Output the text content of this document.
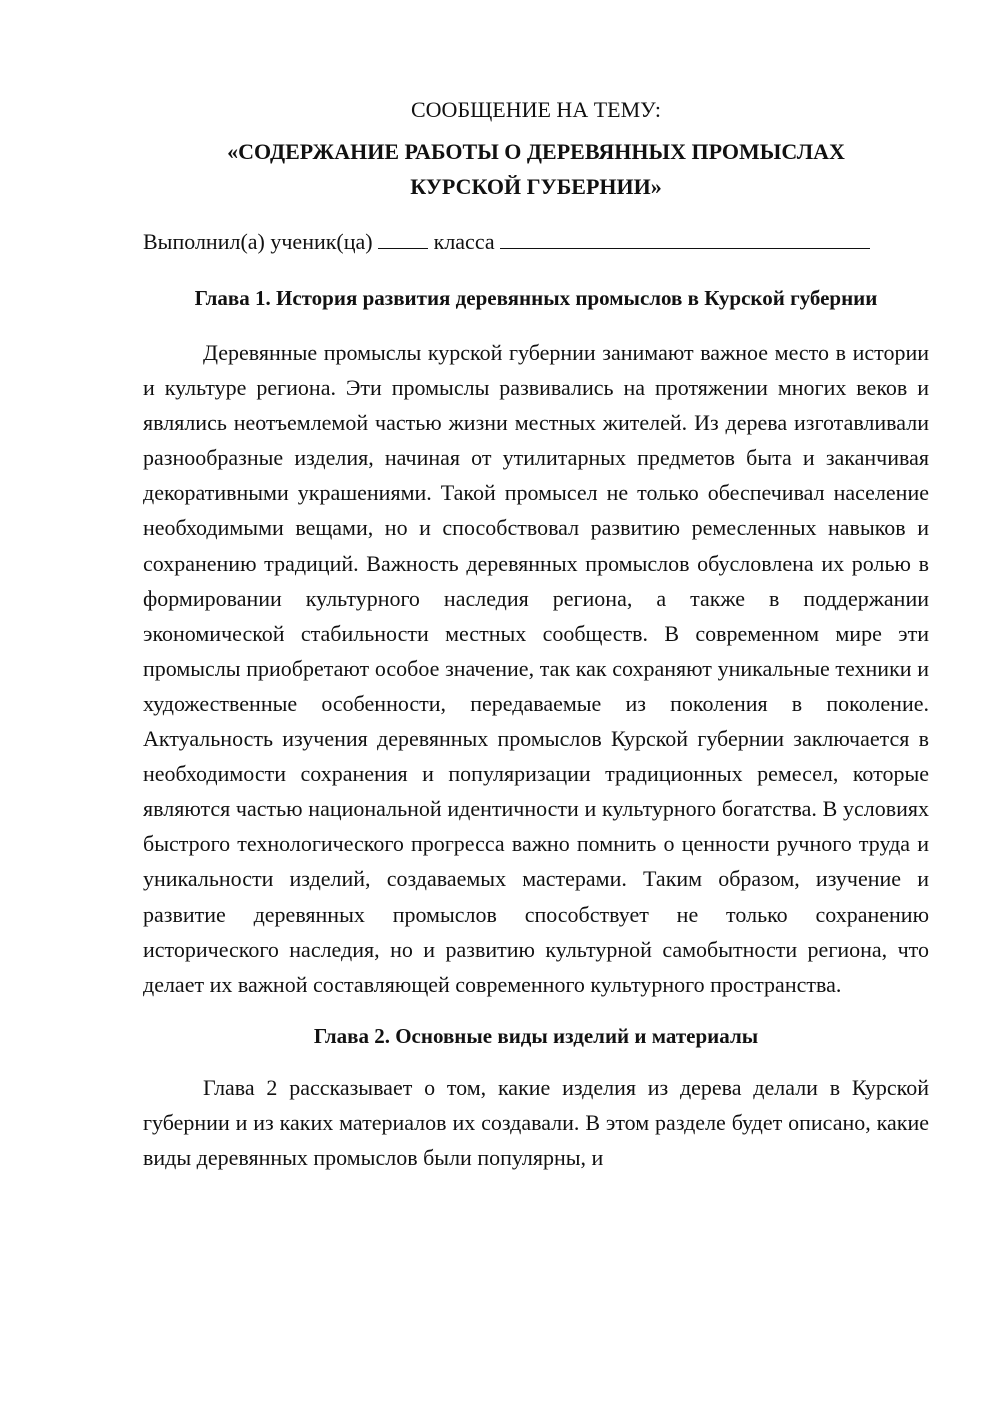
СООБЩЕНИЕ НА ТЕМУ:

«СОДЕРЖАНИЕ РАБОТЫ О ДЕРЕВЯННЫХ ПРОМЫСЛАХ
КУРСКОЙ ГУБЕРНИИ»

Выполнил(а) ученик(ца)	класса

Глава 1. История развития деревянных промыслов в Курской губернии

Деревянные промыслы курской губернии занимают важное место в истории и культуре региона. Эти промыслы развивались на протяжении многих веков и являлись неотъемлемой частью жизни местных жителей. Из дерева изготавливали разнообразные изделия, начиная от утилитарных предметов быта и заканчивая декоративными украшениями. Такой промысел не только обеспечивал население необходимыми вещами, но и способствовал развитию ремесленных навыков и сохранению традиций. Важность деревянных промыслов обусловлена их ролью в формировании культурного наследия региона, а также в поддержании экономической стабильности местных сообществ. В современном мире эти промыслы приобретают особое значение, так как сохраняют уникальные техники и художественные особенности, передаваемые из поколения в поколение. Актуальность изучения деревянных промыслов Курской губернии заключается в необходимости сохранения и популяризации традиционных ремесел, которые являются частью национальной идентичности и культурного богатства. В условиях быстрого технологического прогресса важно помнить о ценности ручного труда и уникальности изделий, создаваемых мастерами. Таким образом, изучение и развитие деревянных промыслов способствует не только сохранению исторического наследия, но и развитию культурной самобытности региона, что делает их важной составляющей современного культурного пространства.

Глава 2. Основные виды изделий и материалы

Глава 2 рассказывает о том, какие изделия из дерева делали в Курской губернии и из каких материалов их создавали. В этом разделе будет описано, какие виды деревянных промыслов были популярны, и
